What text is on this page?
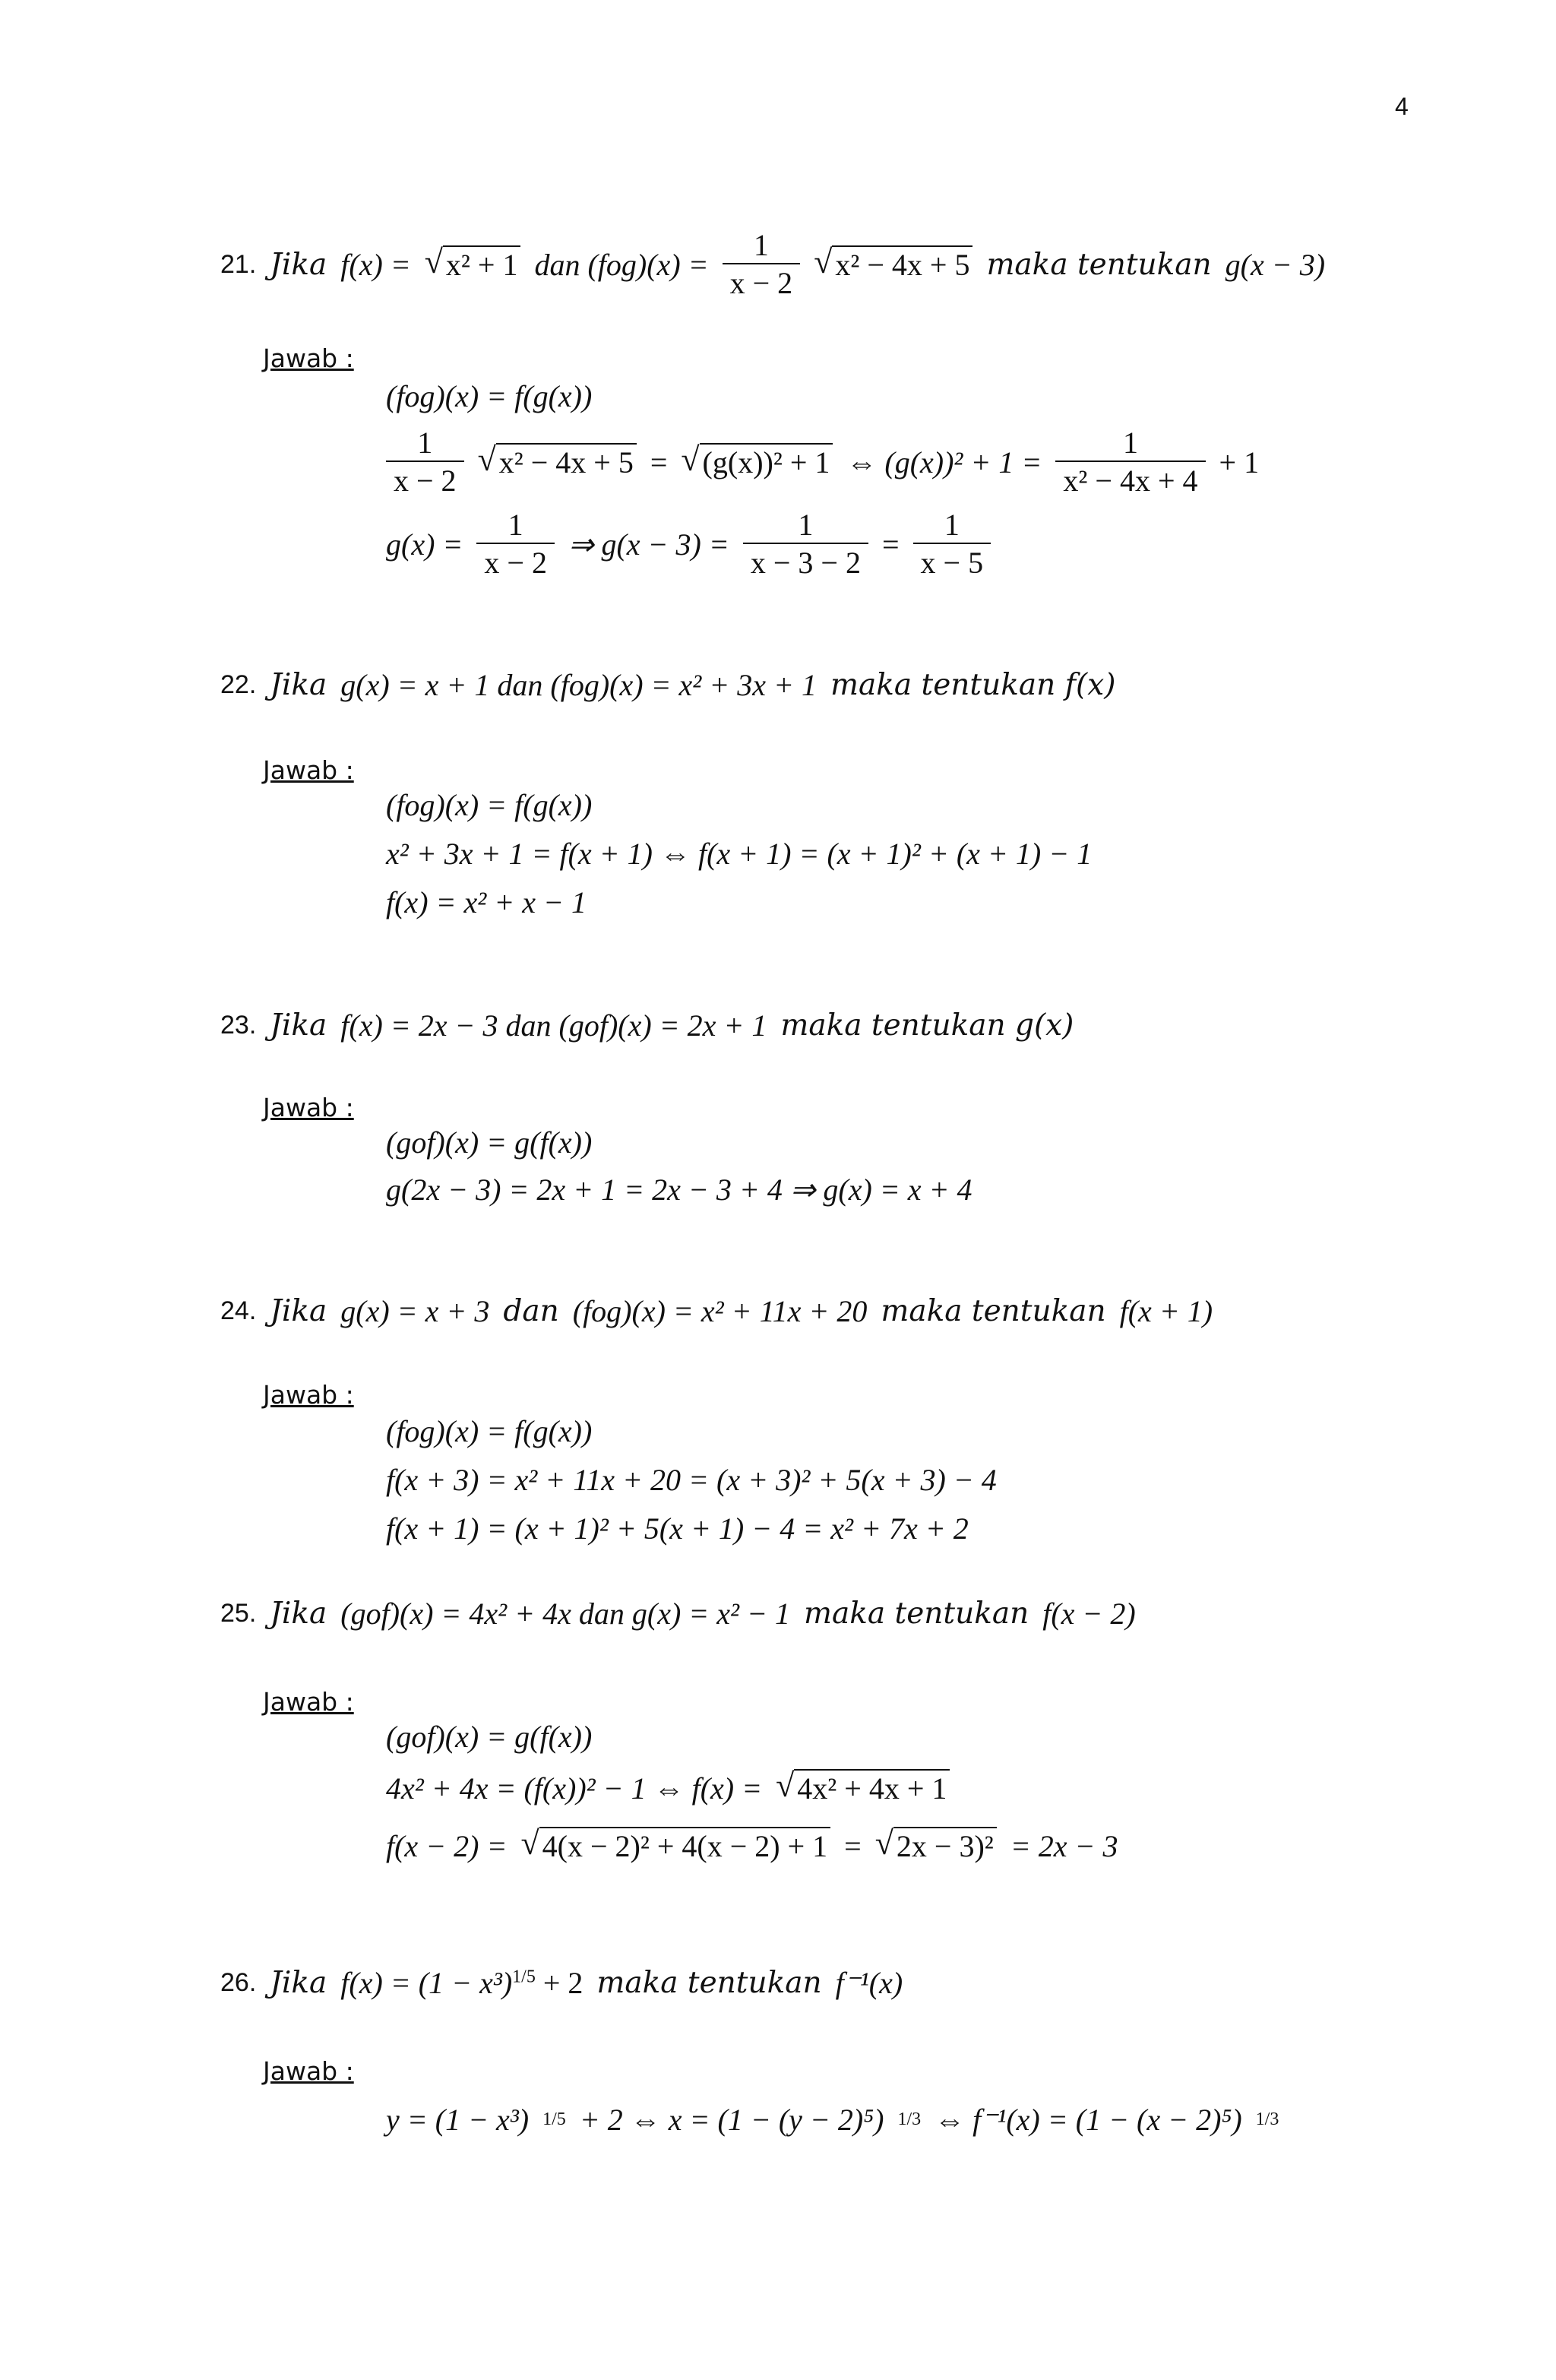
4
21. Jika f(x) = √ x² + 1 dan $(fog)(x) = \frac{1}{x - 2}$ √ x² − 4x + 5 maka tentukan g(x − 3)
Jawab :
(fog)(x) = f(g(x))
$\frac{1}{x - 2}$ √ x² − 4x + 5 = √ (g(x))² + 1 ⇔ $(g(x))^2 + 1 = \frac{1}{\text{x² − 4x + 4}} + 1$
$g(x) = \frac{1}{x - 2}$ ⇒ $g(x - 3) = \frac{1}{x - 3 - 2} = \frac{1}{x - 5}$
22. Jika g(x) = x + 1 dan (fog)(x) = x² + 3x + 1 maka tentukan f(x)
Jawab :
(fog)(x) = f(g(x))
x² + 3x + 1 = f(x + 1) ⇔ f(x + 1) = (x + 1)² + (x + 1) − 1
f(x) = x² + x − 1
23. Jika f(x) = 2x − 3 dan (gof)(x) = 2x + 1 maka tentukan g(x)
Jawab :
(gof)(x) = g(f(x))
g(2x − 3) = 2x + 1 = 2x − 3 + 4 ⇒ g(x) = x + 4
24. Jika g(x) = x + 3 dan (fog)(x) = x² + 11x + 20 maka tentukan f(x + 1)
Jawab :
(fog)(x) = f(g(x))
f(x + 3) = x² + 11x + 20 = (x + 3)² + 5(x + 3) − 4
f(x + 1) = (x + 1)² + 5(x + 1) − 4 = x² + 7x + 2
25. Jika (gof)(x) = 4x² + 4x dan g(x) = x² − 1 maka tentukan f(x − 2)
Jawab :
(gof)(x) = g(f(x))
4x² + 4x = (f(x))² − 1 ⇔ f(x) = √ 4x² + 4x + 1
f(x − 2) = √ 4(x − 2)² + 4(x − 2) + 1 = √ 2x − 3)² = 2x − 3
26. Jika $f(x) = (1 - x^3)^{1/5} + 2$ maka tentukan f⁻¹(x)
Jawab :
y = (1 − x³) 1/5 + 2 ⇔ x = (1 − (y − 2)⁵) 1/3 ⇔ f⁻¹(x) = (1 − (x − 2)⁵) 1/3
